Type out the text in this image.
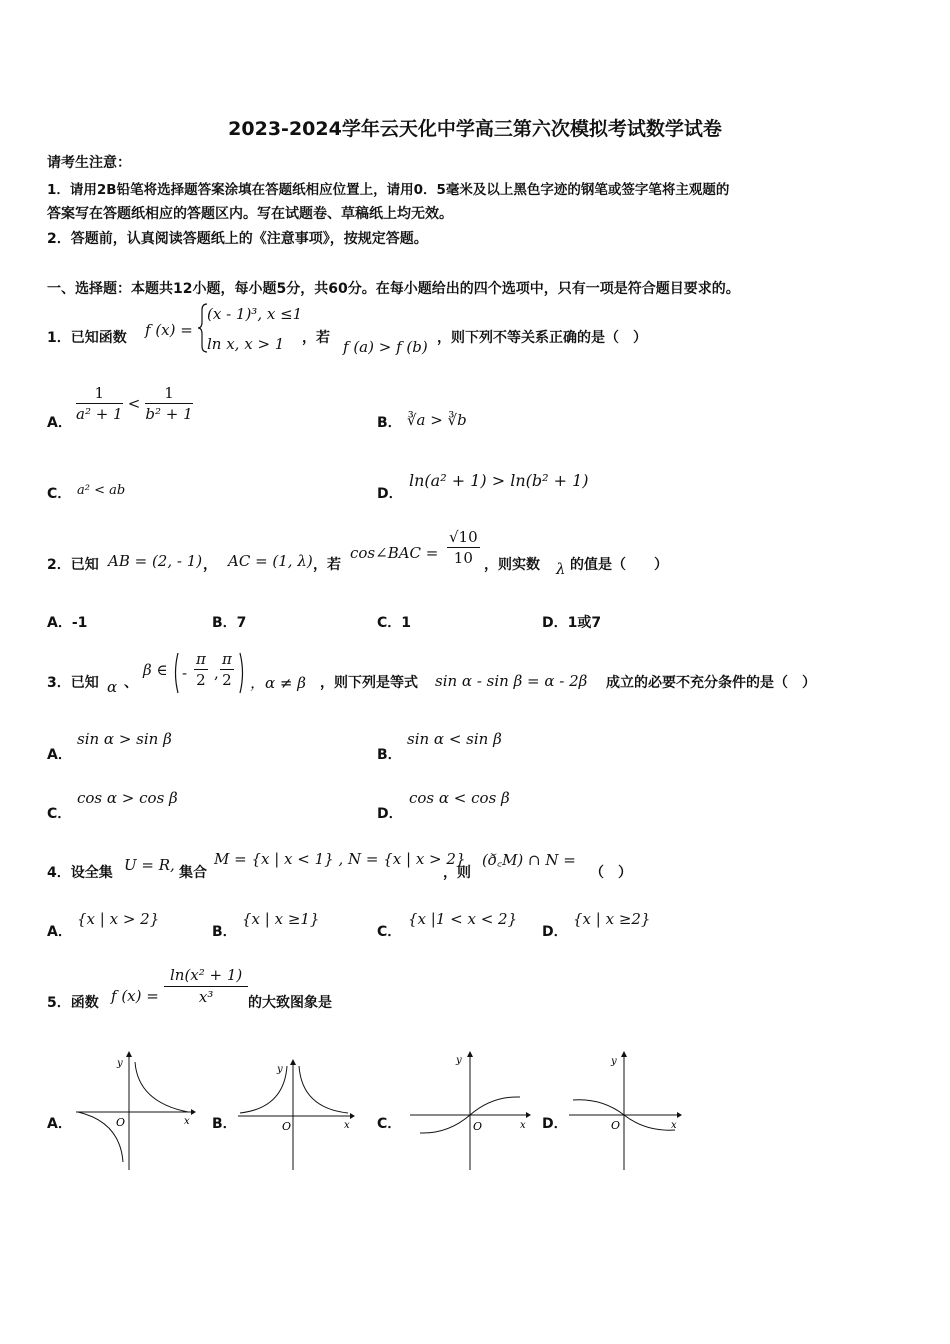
2023-2024学年云天化中学高三第六次模拟考试数学试卷
请考生注意：
1．请用2B铅笔将选择题答案涂填在答题纸相应位置上，请用0．5毫米及以上黑色字迹的钢笔或签字笔将主观题的
答案写在答题纸相应的答题区内。写在试题卷、草稿纸上均无效。
2．答题前，认真阅读答题纸上的《注意事项》，按规定答题。
一、选择题：本题共12小题，每小题5分，共60分。在每小题给出的四个选项中，只有一项是符合题目要求的。
1．已知函数 f (x) =
(x - 1)³, x ≤1
ln x, x > 1 ，若 f (a) > f (b) ，则下列不等关系正确的是（　）
A． $\frac{1}{\text{a² + 1}} < \frac{1}{\text{b² + 1}}$	B． ∛a > ∛b
C． a² < ab	D．
ln(a² + 1) > ln(b² + 1)
2．已知 AB = (2, - 1) ， AC = (1, λ) ，若
cos∠BAC = $\frac{√10}{10}$ ，则实数 λ 的值是（　　）
A．-1	B．7	C．1	D．1或7
3．已知 α 、
β ∈ - $\frac{\pi}{2}$ , $\frac{\pi}{2}$ ，α ≠ β ，则下列是等式 sin α - sin β = α - 2β 成立的必要不充分条件的是（　）
A．
sin α > sin β
B．
sin α < sin β
C．
cos α > cos β
D．
cos α < cos β
4．设全集 U = R, 集合
M = {x | x < 1} , N = {x | x > 2}
，则
(ð꜀M) ∩ N =
（　）
A．
{x | x > 2}
B．
{x | x ≥1}
C．
{x |1 < x < 2}
D．
{x | x ≥2}
5．函数 f $(x) = \frac{\text{ln(x² + 1)}}{\text{x³}}$ 的大致图象是
A．
y
O	x B．
y
O	x C．
y
O	x D．
y
O	x
